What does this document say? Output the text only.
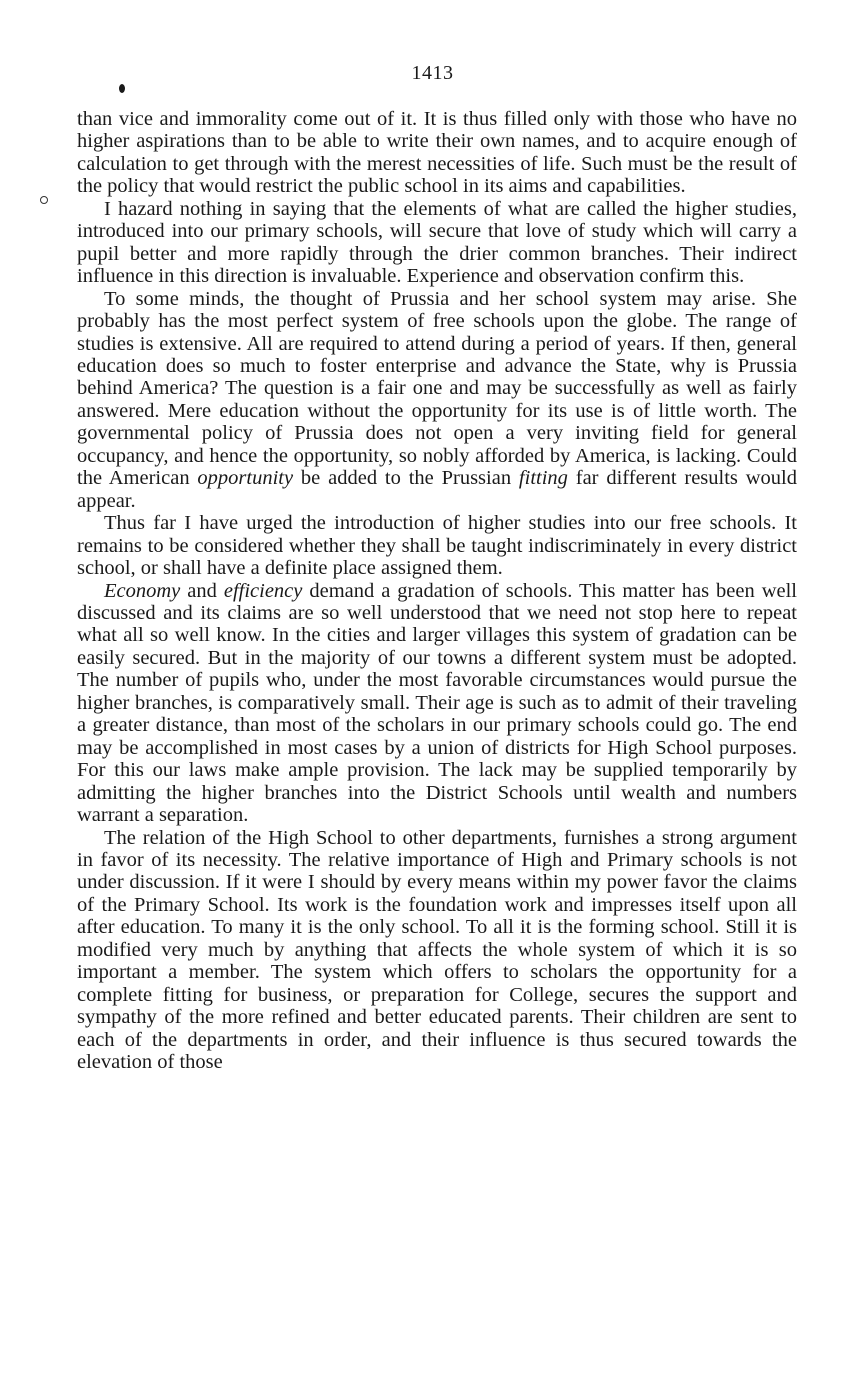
1413

than vice and immorality come out of it. It is thus filled only with those who have no higher aspirations than to be able to write their own names, and to acquire enough of calculation to get through with the merest necessities of life. Such must be the result of the policy that would restrict the public school in its aims and capabilities.

I hazard nothing in saying that the elements of what are called the higher studies, introduced into our primary schools, will secure that love of study which will carry a pupil better and more rapidly through the drier common branches. Their indirect influence in this direction is invaluable. Experience and observation confirm this.

To some minds, the thought of Prussia and her school system may arise. She probably has the most perfect system of free schools upon the globe. The range of studies is extensive. All are required to attend during a period of years. If then, general education does so much to foster enterprise and advance the State, why is Prussia behind America? The question is a fair one and may be successfully as well as fairly answered. Mere education without the opportunity for its use is of little worth. The governmental policy of Prussia does not open a very inviting field for general occupancy, and hence the opportunity, so nobly afforded by America, is lacking. Could the American opportunity be added to the Prussian fitting far different results would appear.

Thus far I have urged the introduction of higher studies into our free schools. It remains to be considered whether they shall be taught indiscriminately in every district school, or shall have a definite place assigned them.

Economy and efficiency demand a gradation of schools. This matter has been well discussed and its claims are so well understood that we need not stop here to repeat what all so well know. In the cities and larger villages this system of gradation can be easily secured. But in the majority of our towns a different system must be adopted. The number of pupils who, under the most favorable circumstances would pursue the higher branches, is comparatively small. Their age is such as to admit of their traveling a greater distance, than most of the scholars in our primary schools could go. The end may be accomplished in most cases by a union of districts for High School purposes. For this our laws make ample provision. The lack may be supplied temporarily by admitting the higher branches into the District Schools until wealth and numbers warrant a separation.

The relation of the High School to other departments, furnishes a strong argument in favor of its necessity. The relative importance of High and Primary schools is not under discussion. If it were I should by every means within my power favor the claims of the Primary School. Its work is the foundation work and impresses itself upon all after education. To many it is the only school. To all it is the forming school. Still it is modified very much by anything that affects the whole system of which it is so important a member. The system which offers to scholars the opportunity for a complete fitting for business, or preparation for College, secures the support and sympathy of the more refined and better educated parents. Their children are sent to each of the departments in order, and their influence is thus secured towards the elevation of those
